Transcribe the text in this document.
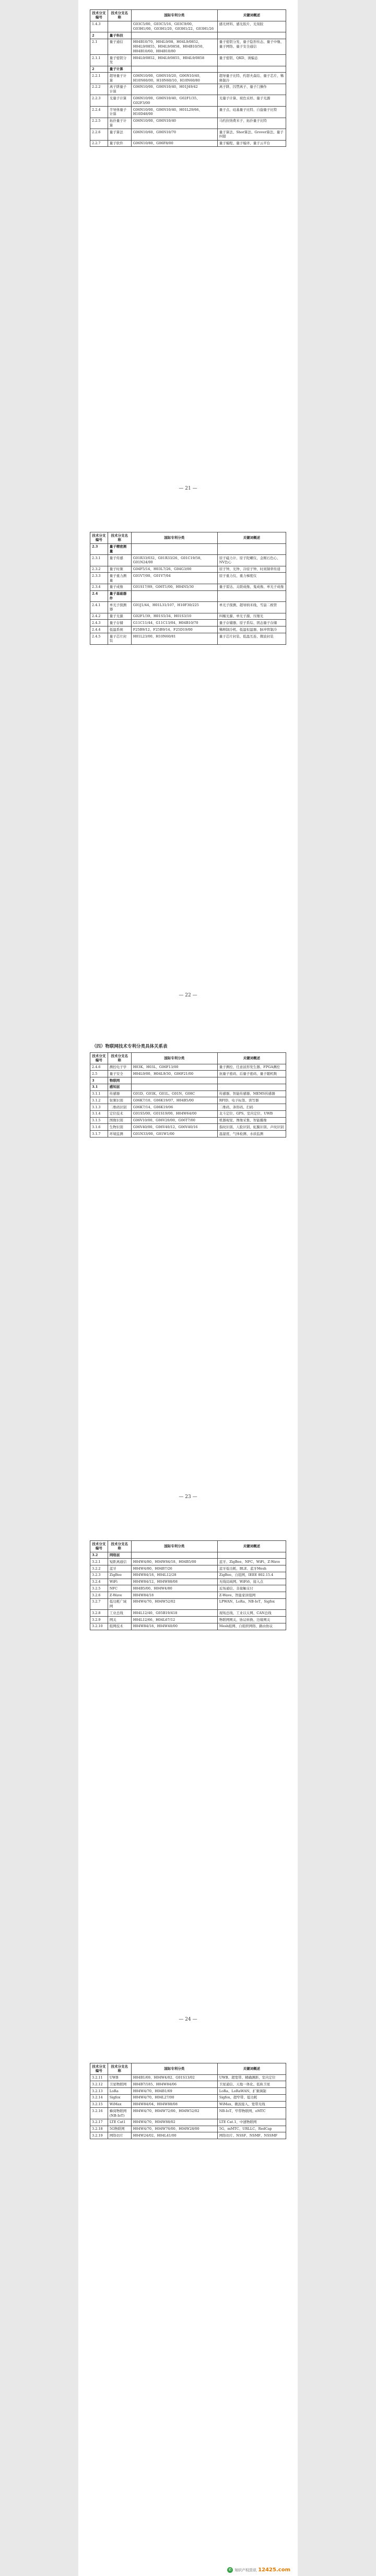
技术分支编号	技术分支名称	国际专利分类	关键词概述
1.4.3		G03C5/00、G03C5/16、G03C9/00、G03H1/00、G03H1/20、G03H1/22、G03H1/26	感光材料、感光胶片、光刻胶
2	量子科技		
2.1	量子通信	H04B10/70、H04L9/08、H04L9/0852、H04L9/0855、H04L9/0858、H04B10/50、H04B10/60、H04B10/80	量子密钥分发、量子隐形传态、量子中继、量子网络、量子安全通信
2.1.1	量子密钥分发	H04L9/0852、H04L9/0855、H04L9/0858	量子密钥、QKD、诱骗态
2	量子计算		
2.2.1	超导量子计算	G06N10/00、G06N10/20、G06N10/40、H10N60/00、H10N60/10、H10N60/80	超导量子比特、约瑟夫森结、量子芯片、稀释制冷
2.2.2	离子阱量子计算	G06N10/00、G06N10/40、H01J49/42	离子阱、囚禁离子、量子门操作
2.2.3	光量子计算	G06N10/00、G06N10/40、G02F1/35、G02F3/00	光量子计算、玻色采样、量子光源
2.2.4	半导体量子计算	G06N10/00、G06N10/40、H01L29/66、H10D48/00	量子点、硅基量子比特、自旋量子比特
2.2.5	拓扑量子计算	G06N10/00、G06N10/40	马约拉纳费米子、拓扑量子比特
2.2.6	量子算法	G06N10/60、G06N10/70	量子算法、Shor算法、Grover算法、量子纠错
2.2.7	量子软件	G06N10/80、G06F8/00	量子编程、量子编译、量子云平台
— 21 —
技术分支编号	技术分支名称	国际专利分类	关键词概述
2.3	量子精密测量		
2.3.1	量子传感	G01R33/032、G01R33/26、G01C19/58、G01N24/00	原子磁力计、原子陀螺仪、金刚石色心、NV色心
2.3.2	量子时频	G04F5/14、H03L7/26、G04G3/00	原子钟、光钟、冷原子钟、时间频率传递
2.3.3	量子重力测量	G01V7/00、G01V7/04	原子重力仪、重力梯度仪
2.3.4	量子成像	G01S17/89、G06T1/00、H04N5/30	量子雷达、关联成像、鬼成像、单光子成像
2.4	量子基础器件		
2.4.1	单光子探测器	G01J1/44、H01L31/107、H10F30/225	单光子探测、超导纳米线、雪崩二极管
2.4.2	量子光源	G02F1/39、H01S5/34、H01S3/10	纠缠光源、单光子源、压缩光
2.4.3	量子存储	G11C11/44、G11C13/04、H04B10/70	量子存储器、原子系综、固态量子存储
2.4.4	低温系统	F25B9/12、F25B9/14、F25D19/00	稀释制冷机、低温恒温器、脉冲管制冷
2.4.5	量子芯片封装	H01L23/00、H10N60/81	量子芯片封装、低温互连、微波封装
— 22 —
（四）物联网技术专利分类具体关系表
技术分支编号	技术分支名称	国际专利分类	关键词概述
2.4.6	测控电子学	H03K、H03L、G06F13/00	量子测控、任意波形发生器、FPGA测控
2.5	量子安全	H04L9/00、H04L9/30、G06F21/00	抗量子密码、后量子密码、量子随机数
3	物联网		
3.1	感知层		
3.1.1	传感器	G01D、G01K、G01L、G01N、G08C	传感器、智能传感器、MEMS传感器
3.1.2	射频识别	G06K7/10、G06K19/07、H04B5/00	RFID、电子标签、读写器
3.1.3	二维码识别	G06K7/14、G06K19/06	二维码、条形码、扫码
3.1.4	定位技术	G01S5/00、G01S19/00、H04W64/00	北斗定位、GPS、室内定位、UWB
3.1.5	图像识别	G06V10/00、G06V20/00、G06T7/00	机器视觉、图像采集、智能摄像
3.1.6	生物识别	G06V40/00、G06V40/12、G06V40/16	指纹识别、人脸识别、虹膜识别、声纹识别
3.1.7	环境监测	G01N33/00、G01W1/00	温湿度、气体检测、水质监测
— 23 —
技术分支编号	技术分支名称	国际专利分类	关键词概述
3.2	网络层		
3.2.1	短距离通信	H04W4/80、H04W84/18、H04B5/00	蓝牙、ZigBee、NFC、WiFi、Z-Wave
3.2.2	蓝牙	H04W4/80、H04B7/26	蓝牙低功耗、BLE、蓝牙Mesh
3.2.3	ZigBee	H04W84/18、H04L12/28	ZigBee、自组网、IEEE 802.15.4
3.2.4	WiFi	H04W84/12、H04W88/08	无线局域网、WiFi6、接入点
3.2.5	NFC	H04B5/00、H04W4/80	近场通信、非接触支付
3.2.6	Z-Wave	H04W84/18	Z-Wave、智能家居组网
3.2.7	低功耗广域网	H04W4/70、H04W52/02	LPWAN、LoRa、NB-IoT、Sigfox
3.2.8	工业总线	H04L12/40、G05B19/418	现场总线、工业以太网、CAN总线
3.2.9	网关	H04L12/66、H04L67/12	物联网网关、协议转换、边缘网关
3.2.10	组网技术	H04W84/18、H04W40/00	Mesh组网、自组织网络、路由协议
— 24 —
技术分支编号	技术分支名称	国际专利分类	关键词概述
3.2.11	UWB	H04B1/69、H04W4/02、G01S13/02	UWB、超宽带、精确测距、室内定位
3.2.12	卫星物联网	H04B7/185、H04W84/06	卫星通信、天地一体化、低轨卫星
3.2.13	LoRa	H04W4/70、H04B1/69	LoRa、LoRaWAN、扩频调制
3.2.14	Sigfox	H04W4/70、H04L27/00	Sigfox、超窄带、低功耗
3.2.15	WiMax	H04W84/04、H04W88/08	WiMax、微波接入、宽带无线
3.2.16	蜂窝物联网(NB-IoT)	H04W4/70、H04W72/00、H04W52/02	NB-IoT、窄带物联网、eMTC
3.2.17	LTE Cat1	H04W4/70、H04W88/02	LTE Cat.1、中速物联网
3.2.18	5G物联网	H04W4/70、H04W76/00、H04W28/00	5G、mMTC、URLLC、RedCap
3.2.19	网络切片	H04W24/02、H04L41/00	网络切片、NSSF、NSMF、NSSMF
✆ 知识产权资讯 12425.com
